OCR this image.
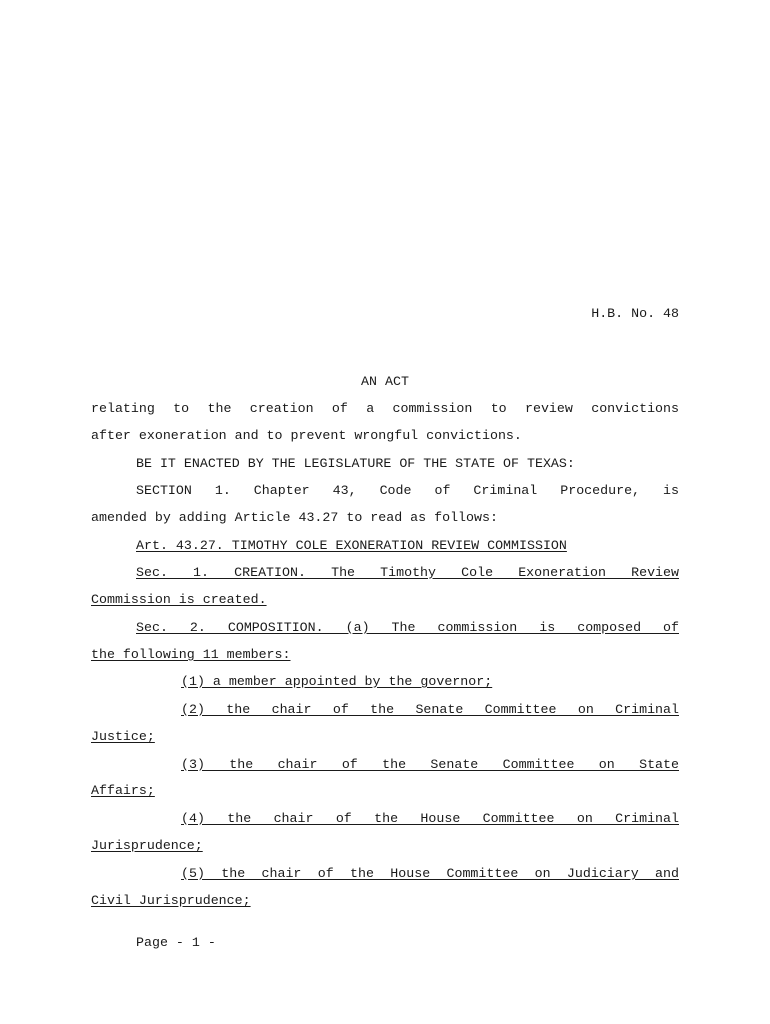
H.B. No. 48
AN ACT
relating to the creation of a commission to review convictions
after exoneration and to prevent wrongful convictions.
BE IT ENACTED BY THE LEGISLATURE OF THE STATE OF TEXAS:
SECTION 1. Chapter 43, Code of Criminal Procedure, is
amended by adding Article 43.27 to read as follows:
Art. 43.27. TIMOTHY COLE EXONERATION REVIEW COMMISSION
Sec. 1. CREATION. The Timothy Cole Exoneration Review
Commission is created.
Sec. 2. COMPOSITION. (a) The commission is composed of
the following 11 members:
(1) a member appointed by the governor;
(2) the chair of the Senate Committee on Criminal
Justice;
(3) the chair of the Senate Committee on State
Affairs;
(4) the chair of the House Committee on Criminal
Jurisprudence;
(5) the chair of the House Committee on Judiciary and
Civil Jurisprudence;
Page - 1 -
